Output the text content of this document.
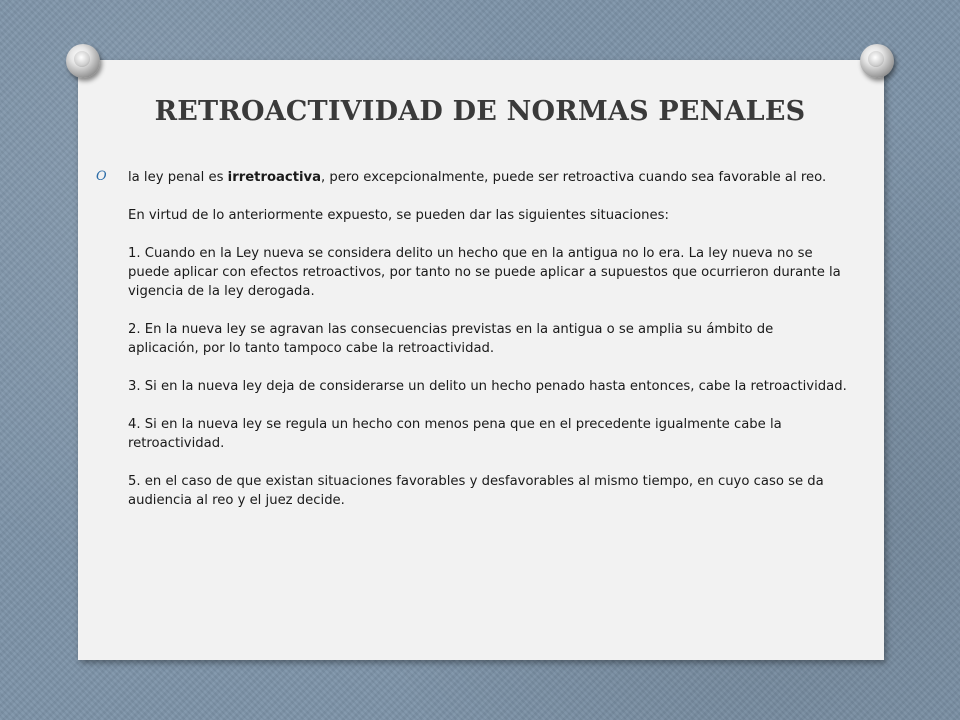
RETROACTIVIDAD DE NORMAS PENALES
O la ley penal es irretroactiva, pero excepcionalmente, puede ser retroactiva cuando sea favorable al reo.

En virtud de lo anteriormente expuesto, se pueden dar las siguientes situaciones:

1. Cuando en la Ley nueva se considera delito un hecho que en la antigua no lo era. La ley nueva no se puede aplicar con efectos retroactivos, por tanto no se puede aplicar a supuestos que ocurrieron durante la vigencia de la ley derogada.

2. En la nueva ley se agravan las consecuencias previstas en la antigua o se amplia su ámbito de aplicación, por lo tanto tampoco cabe la retroactividad.

3. Si en la nueva ley deja de considerarse un delito un hecho penado hasta entonces, cabe la retroactividad.

4. Si en la nueva ley se regula un hecho con menos pena que en el precedente igualmente cabe la retroactividad.

5. en el caso de que existan situaciones favorables y desfavorables al mismo tiempo, en cuyo caso se da audiencia al reo y el juez decide.
